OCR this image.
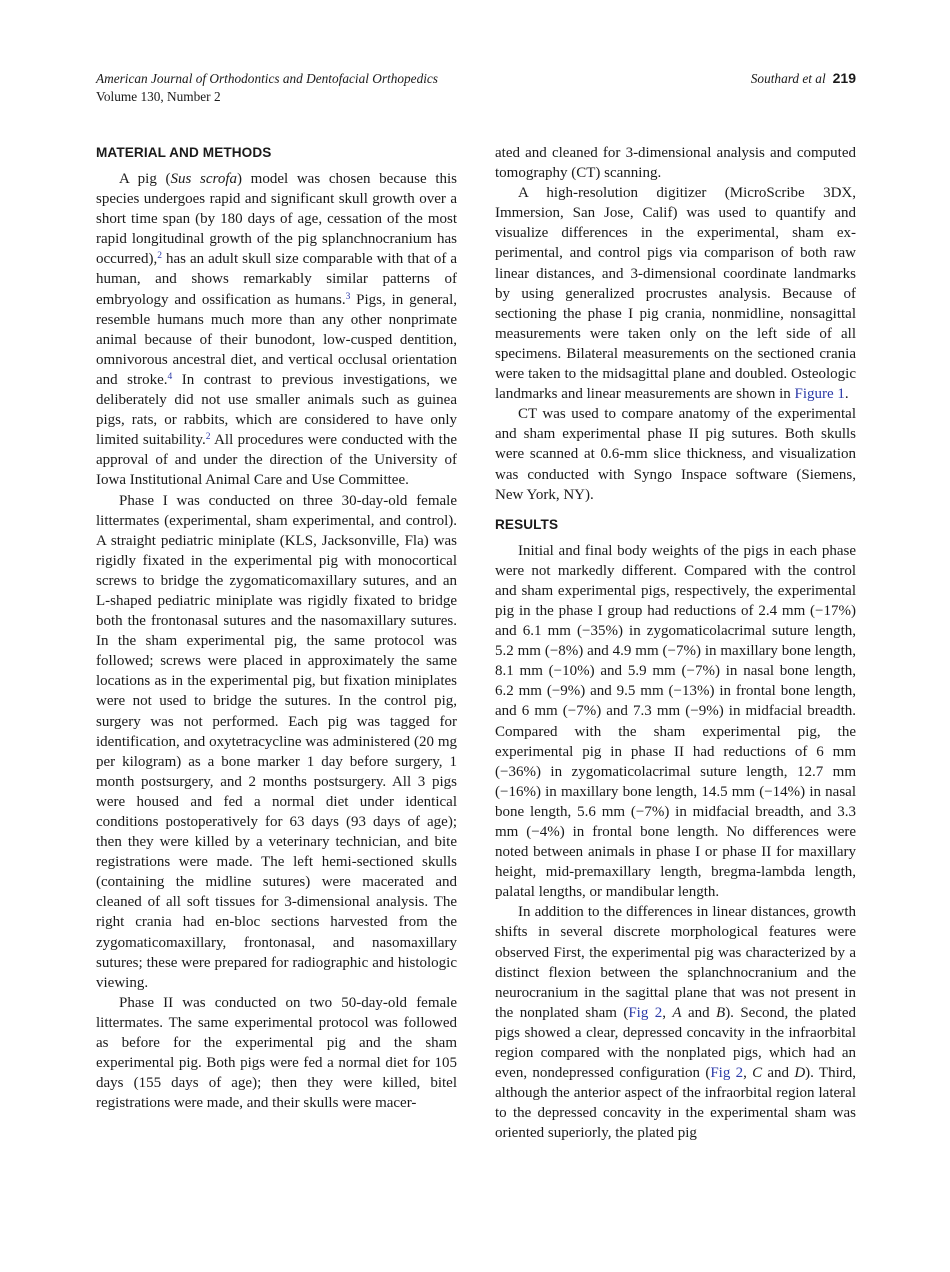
American Journal of Orthodontics and Dentofacial Orthopedics
Volume 130, Number 2
Southard et al 219
MATERIAL AND METHODS

A pig (Sus scrofa) model was chosen because this species undergoes rapid and significant skull growth over a short time span (by 180 days of age, cessation of the most rapid longitudinal growth of the pig splanchnocranium has occurred),$^2$ has an adult skull size comparable with that of a human, and shows remarkably similar patterns of embryology and ossification as humans.$^3$ Pigs, in general, resemble humans much more than any other nonprimate animal because of their bunodont, low-cusped dentition, omnivorous ancestral diet, and vertical occlusal orientation and stroke.$^4$ In contrast to previous investigations, we deliberately did not use smaller animals such as guinea pigs, rats, or rabbits, which are considered to have only limited suitability.$^2$ All procedures were conducted with the approval of and under the direction of the University of Iowa Institutional Animal Care and Use Committee.

Phase I was conducted on three 30-day-old female littermates (experimental, sham experimental, and control). A straight pediatric miniplate (KLS, Jacksonville, Fla) was rigidly fixated in the experimental pig with monocortical screws to bridge the zygomaticomaxillary sutures, and an L-shaped pediatric miniplate was rigidly fixated to bridge both the frontonasal sutures and the nasomaxillary sutures. In the sham experimental pig, the same protocol was followed; screws were placed in approximately the same locations as in the experimental pig, but fixation miniplates were not used to bridge the sutures. In the control pig, surgery was not performed. Each pig was tagged for identification, and oxytetracycline was administered (20 mg per kilogram) as a bone marker 1 day before surgery, 1 month postsurgery, and 2 months postsurgery. All 3 pigs were housed and fed a normal diet under identical conditions postoperatively for 63 days (93 days of age); then they were killed by a veterinary technician, and bite registrations were made. The left hemi-sectioned skulls (containing the midline sutures) were macerated and cleaned of all soft tissues for 3-dimensional analysis. The right crania had en-bloc sections harvested from the zygomaticomaxillary, frontonasal, and nasomaxillary sutures; these were prepared for radiographic and histologic viewing.

Phase II was conducted on two 50-day-old female littermates. The same experimental protocol was followed as before for the experimental pig and the sham experimental pig. Both pigs were fed a normal diet for 105 days (155 days of age); then they were killed, bitel registrations were made, and their skulls were macer-

ated and cleaned for 3-dimensional analysis and computed tomography (CT) scanning.

A high-resolution digitizer (MicroScribe 3DX, Immersion, San Jose, Calif) was used to quantify and visualize differences in the experimental, sham experimental, and control pigs via comparison of both raw linear distances, and 3-dimensional coordinate landmarks by using generalized procrustes analysis. Because of sectioning the phase I pig crania, nonmidline, nonsagittal measurements were taken only on the left side of all specimens. Bilateral measurements on the sectioned crania were taken to the midsagittal plane and doubled. Osteologic landmarks and linear measurements are shown in Figure 1.

CT was used to compare anatomy of the experimental and sham experimental phase II pig sutures. Both skulls were scanned at 0.6-mm slice thickness, and visualization was conducted with Syngo Inspace software (Siemens, New York, NY).

RESULTS

Initial and final body weights of the pigs in each phase were not markedly different. Compared with the control and sham experimental pigs, respectively, the experimental pig in the phase I group had reductions of 2.4 mm (−17%) and 6.1 mm (−35%) in zygomaticolacrimal suture length, 5.2 mm (−8%) and 4.9 mm (−7%) in maxillary bone length, 8.1 mm (−10%) and 5.9 mm (−7%) in nasal bone length, 6.2 mm (−9%) and 9.5 mm (−13%) in frontal bone length, and 6 mm (−7%) and 7.3 mm (−9%) in midfacial breadth. Compared with the sham experimental pig, the experimental pig in phase II had reductions of 6 mm (−36%) in zygomaticolacrimal suture length, 12.7 mm (−16%) in maxillary bone length, 14.5 mm (−14%) in nasal bone length, 5.6 mm (−7%) in midfacial breadth, and 3.3 mm (−4%) in frontal bone length. No differences were noted between animals in phase I or phase II for maxillary height, mid-premaxillary length, bregma-lambda length, palatal lengths, or mandibular length.

In addition to the differences in linear distances, growth shifts in several discrete morphological features were observed First, the experimental pig was characterized by a distinct flexion between the splanchnocranium and the neurocranium in the sagittal plane that was not present in the nonplated sham (Fig 2, A and B). Second, the plated pigs showed a clear, depressed concavity in the infraorbital region compared with the nonplated pigs, which had an even, nondepressed configuration (Fig 2, C and D). Third, although the anterior aspect of the infraorbital region lateral to the depressed concavity in the experimental sham was oriented superiorly, the plated pig
